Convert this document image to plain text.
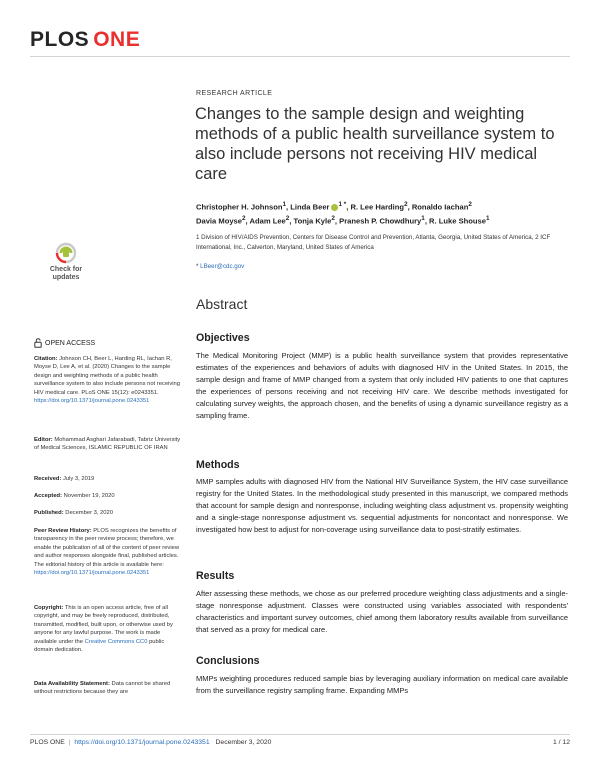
PLOS ONE
RESEARCH ARTICLE
Changes to the sample design and weighting methods of a public health surveillance system to also include persons not receiving HIV medical care
Christopher H. Johnson$^1$, Linda Beer $^{1 *}$, R. Lee Harding$^2$, Ronaldo Iachan$^2$
Davia Moyse$^2$, Adam Lee$^2$, Tonja Kyle$^2$, Pranesh P. Chowdhury$^1$, R. Luke Shouse$^1$
1 Division of HIV/AIDS Prevention, Centers for Disease Control and Prevention, Atlanta, Georgia, United States of America, 2 ICF International, Inc., Calverton, Maryland, United States of America
* LBeer@cdc.gov
Abstract
Objectives

The Medical Monitoring Project (MMP) is a public health surveillance system that provides representative estimates of the experiences and behaviors of adults with diagnosed HIV in the United States. In 2015, the sample design and frame of MMP changed from a system that only included HIV patients to one that captures the experiences of persons receiving and not receiving HIV care. We describe methods investigated for calculating survey weights, the approach chosen, and the benefits of using a dynamic surveillance registry as a sampling frame.

Methods

MMP samples adults with diagnosed HIV from the National HIV Surveillance System, the HIV case surveillance registry for the United States. In the methodological study presented in this manuscript, we compared methods that account for sample design and nonresponse, including weighting class adjustment vs. propensity weighting and a single-stage nonresponse adjustment vs. sequential adjustments for noncontact and nonresponse. We investigated how best to adjust for non-coverage using surveillance data to post-stratify estimates.

Results

After assessing these methods, we chose as our preferred procedure weighting class adjustments and a single-stage nonresponse adjustment. Classes were constructed using variables associated with respondents' characteristics and important survey outcomes, chief among them laboratory results available from surveillance that served as a proxy for medical care.

Conclusions

MMPs weighting procedures reduced sample bias by leveraging auxiliary information on medical care available from the surveillance registry sampling frame. Expanding MMPs

Check for
updates
OPEN ACCESS

Citation: Johnson CH, Beer L, Harding RL, Iachan R, Moyse D, Lee A, et al. (2020) Changes to the sample design and weighting methods of a public health surveillance system to also include persons not receiving HIV medical care. PLoS ONE 15(12): e0243351. https://doi.org/10.1371/journal.pone.0243351

Editor: Mohammad Asghari Jafarabadi, Tabriz University of Medical Sciences, ISLAMIC REPUBLIC OF IRAN

Received: July 3, 2019

Accepted: November 19, 2020

Published: December 3, 2020

Peer Review History: PLOS recognizes the benefits of transparency in the peer review process; therefore, we enable the publication of all of the content of peer review and author responses alongside final, published articles. The editorial history of this article is available here: https://doi.org/10.1371/journal.pone.0243351

Copyright: This is an open access article, free of all copyright, and may be freely reproduced, distributed, transmitted, modified, built upon, or otherwise used by anyone for any lawful purpose. The work is made available under the Creative Commons CC0 public domain dedication.

Data Availability Statement: Data cannot be shared without restrictions because they are

PLOS ONE | https://doi.org/10.1371/journal.pone.0243351 December 3, 2020	1 / 12
